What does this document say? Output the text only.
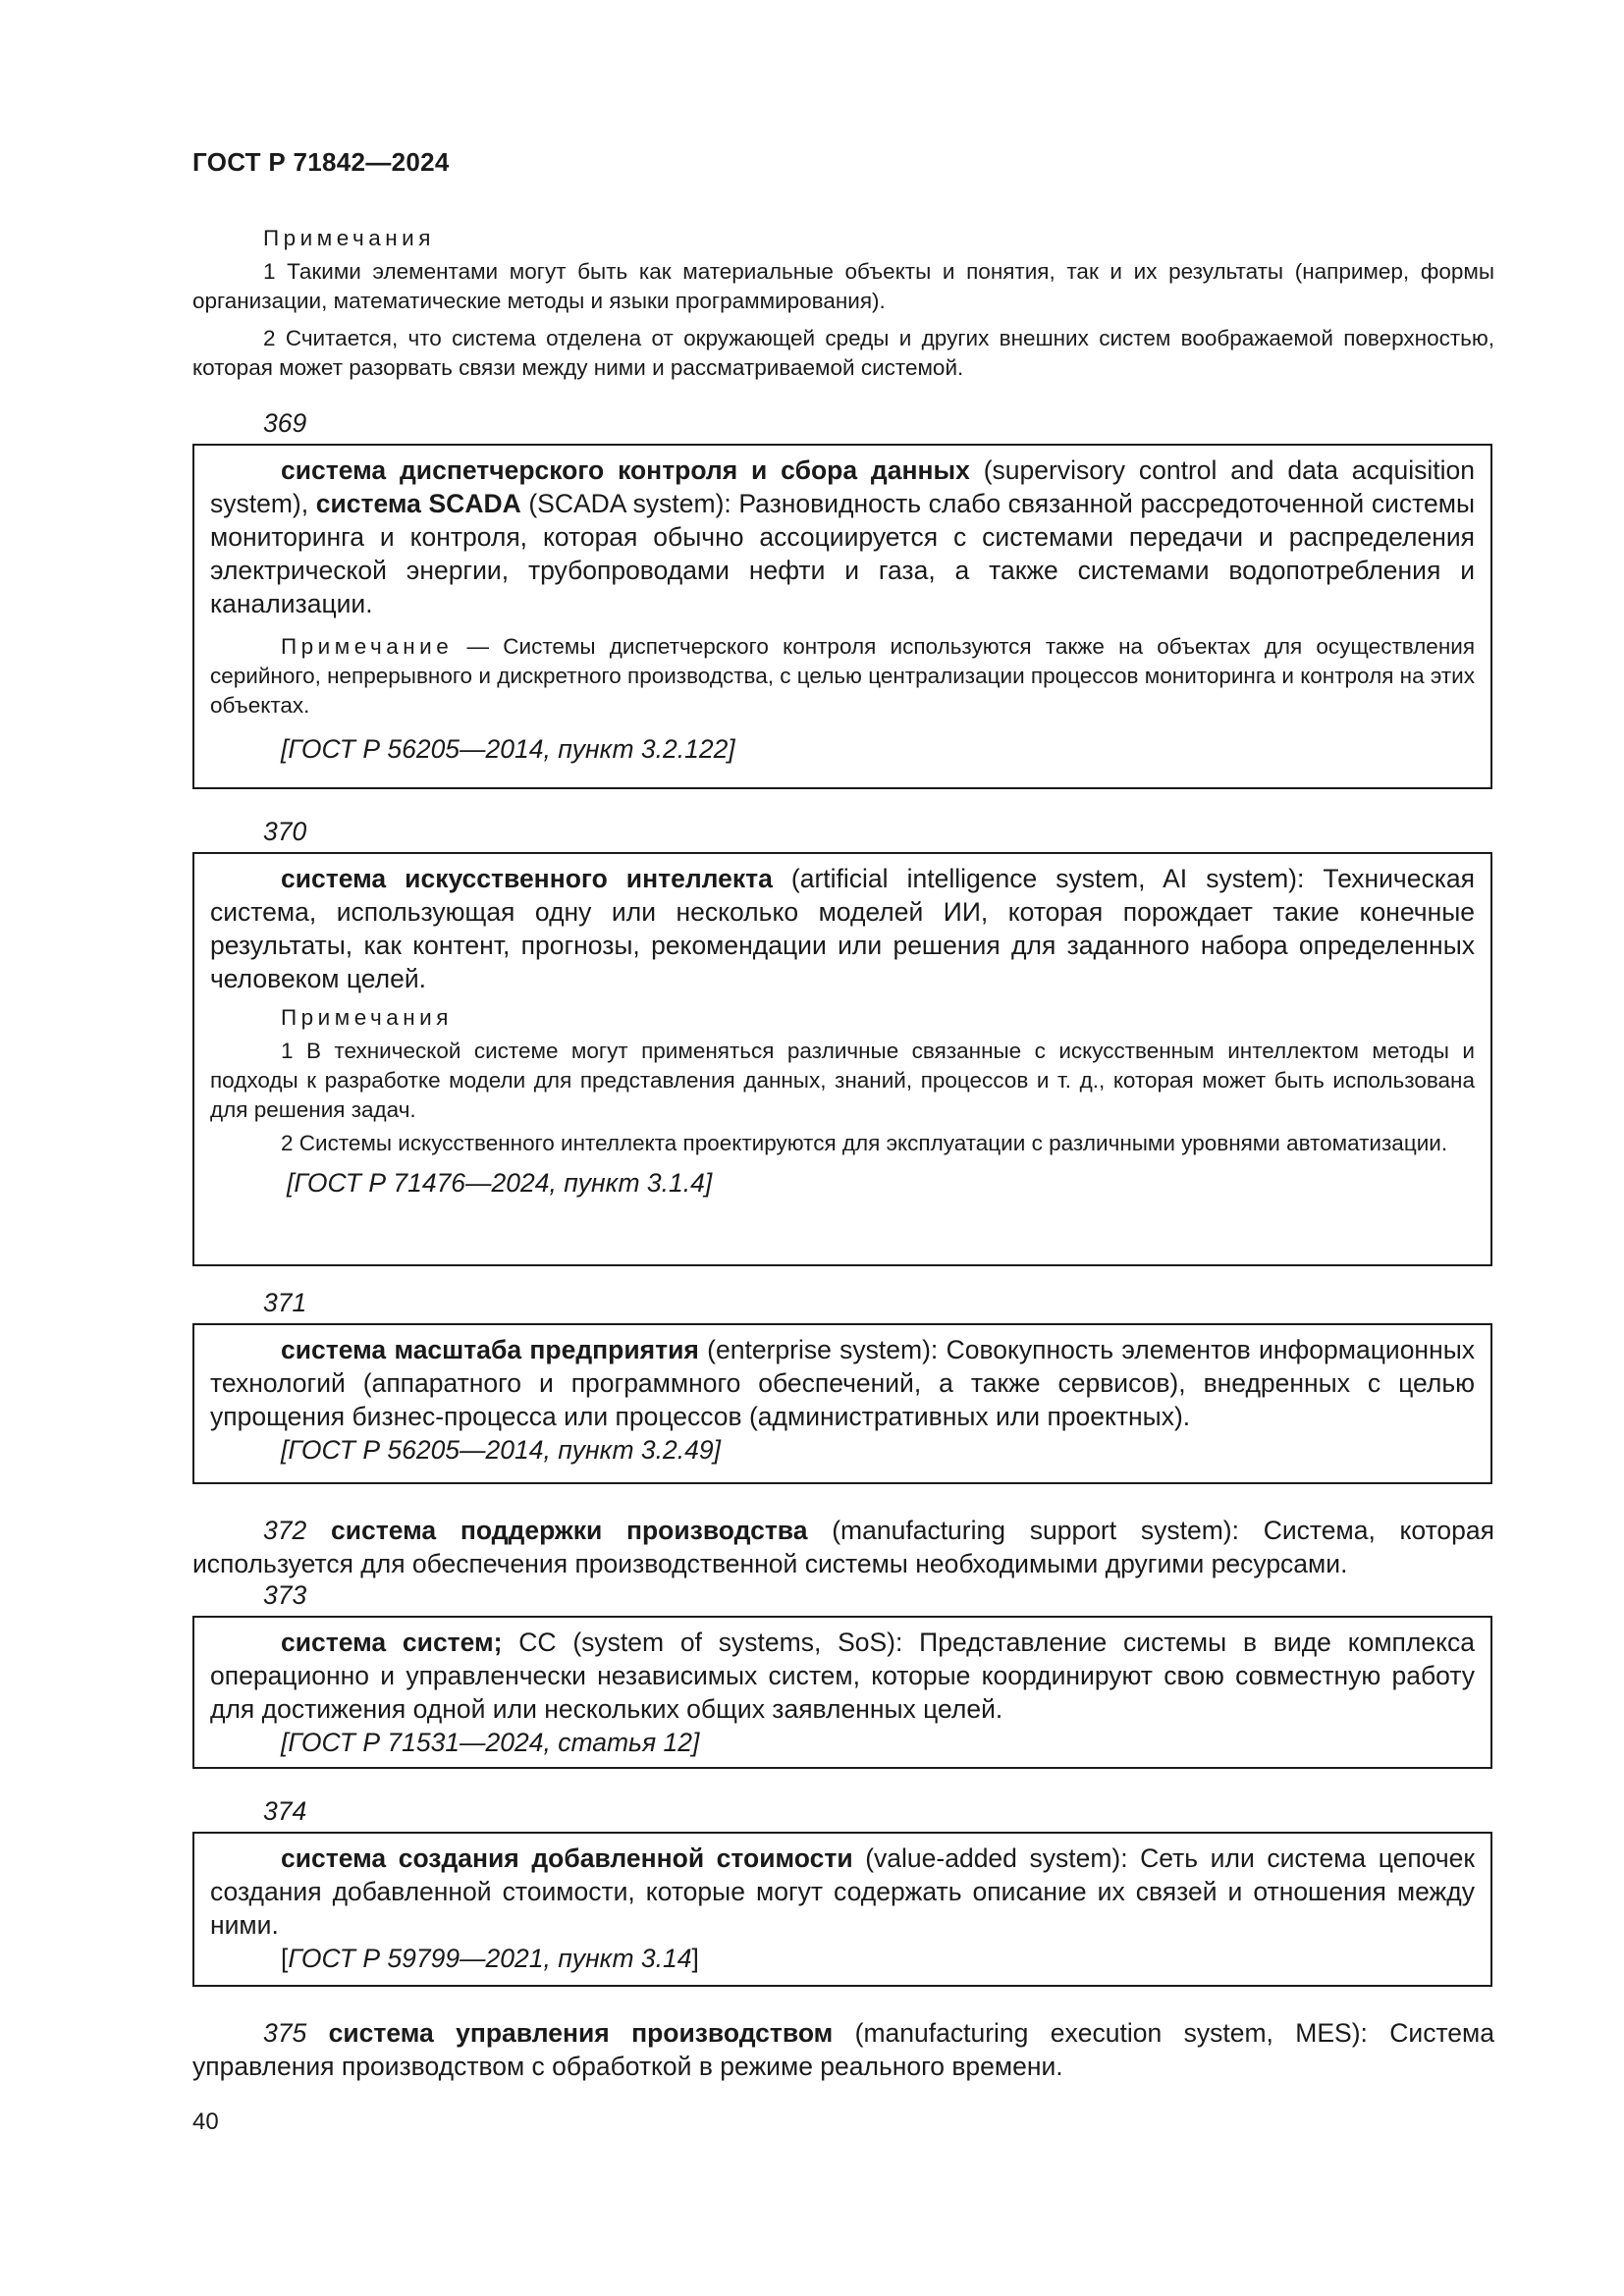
ГОСТ Р 71842—2024

Примечания

1 Такими элементами могут быть как материальные объекты и понятия, так и их результаты (например, формы организации, математические методы и языки программирования).

2 Считается, что система отделена от окружающей среды и других внешних систем воображаемой поверхностью, которая может разорвать связи между ними и рассматриваемой системой.

369

система диспетчерского контроля и сбора данных (supervisory control and data acquisition system), система SCADA (SCADA system): Разновидность слабо связанной рассредоточенной системы мониторинга и контроля, которая обычно ассоциируется с системами передачи и распределения электрической энергии, трубопроводами нефти и газа, а также системами водопотребления и канализации.

Примечание — Системы диспетчерского контроля используются также на объектах для осуществления серийного, непрерывного и дискретного производства, с целью централизации процессов мониторинга и контроля на этих объектах.

[ГОСТ Р 56205—2014, пункт 3.2.122]

370

система искусственного интеллекта (artificial intelligence system, AI system): Техническая система, использующая одну или несколько моделей ИИ, которая порождает такие конечные результаты, как контент, прогнозы, рекомендации или решения для заданного набора определенных человеком целей.

Примечания

1 В технической системе могут применяться различные связанные с искусственным интеллектом методы и подходы к разработке модели для представления данных, знаний, процессов и т. д., которая может быть использована для решения задач.

2 Системы искусственного интеллекта проектируются для эксплуатации с различными уровнями автоматизации.

[ГОСТ Р 71476—2024, пункт 3.1.4]

371

система масштаба предприятия (enterprise system): Совокупность элементов информационных технологий (аппаратного и программного обеспечений, а также сервисов), внедренных с целью упрощения бизнес-процесса или процессов (административных или проектных).

[ГОСТ Р 56205—2014, пункт 3.2.49]

372 система поддержки производства (manufacturing support system): Система, которая используется для обеспечения производственной системы необходимыми другими ресурсами.

373

система систем; СС (system of systems, SoS): Представление системы в виде комплекса операционно и управленчески независимых систем, которые координируют свою совместную работу для достижения одной или нескольких общих заявленных целей.

[ГОСТ Р 71531—2024, статья 12]

374

система создания добавленной стоимости (value-added system): Сеть или система цепочек создания добавленной стоимости, которые могут содержать описание их связей и отношения между ними.

[ГОСТ Р 59799—2021, пункт 3.14]

375 система управления производством (manufacturing execution system, MES): Система управления производством с обработкой в режиме реального времени.

40
